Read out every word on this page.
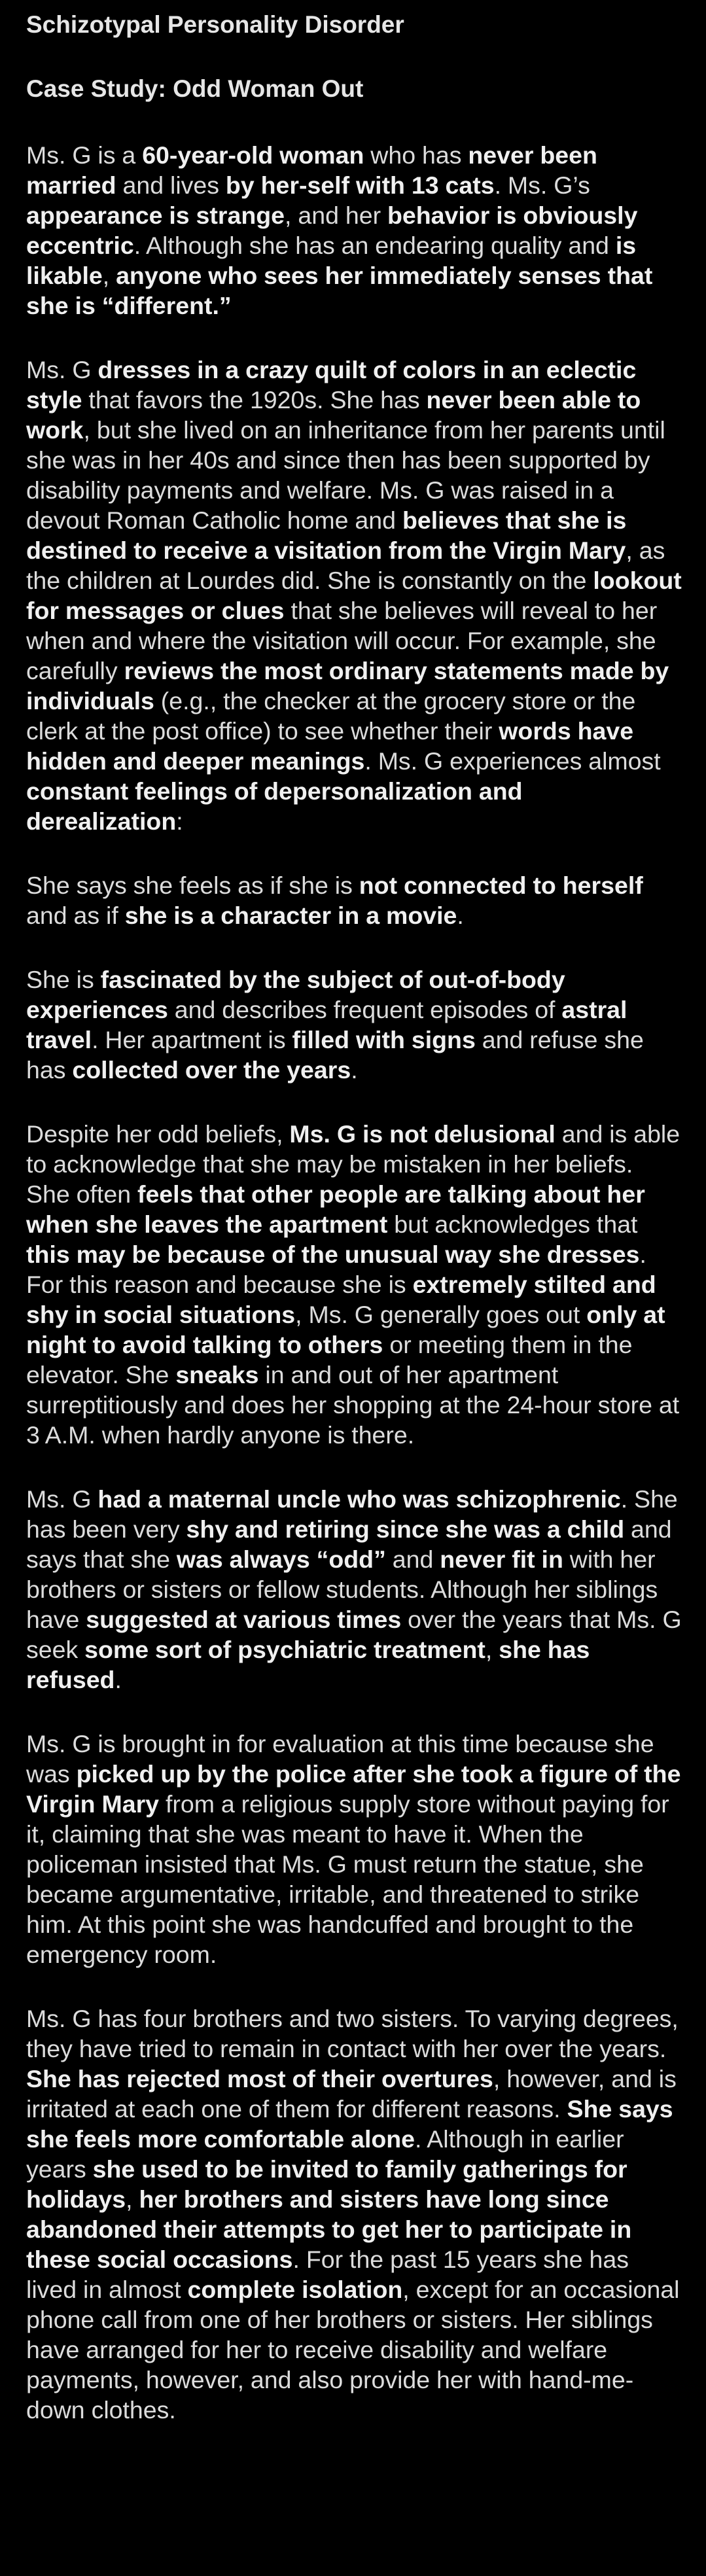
Schizotypal Personality Disorder
Case Study: Odd Woman Out

Ms. G is a 60-year-old woman who has never been married and lives by her-self with 13 cats. Ms. G’s appearance is strange, and her behavior is obviously eccentric. Although she has an endearing quality and is likable, anyone who sees her immediately senses that she is “different.”

Ms. G dresses in a crazy quilt of colors in an eclectic style that favors the 1920s. She has never been able to work, but she lived on an inheritance from her parents until she was in her 40s and since then has been supported by disability payments and welfare. Ms. G was raised in a devout Roman Catholic home and believes that she is destined to receive a visitation from the Virgin Mary, as the children at Lourdes did. She is constantly on the lookout for messages or clues that she believes will reveal to her when and where the visitation will occur. For example, she carefully reviews the most ordinary statements made by individuals (e.g., the checker at the grocery store or the clerk at the post office) to see whether their words have hidden and deeper meanings. Ms. G experiences almost constant feelings of depersonalization and derealization:

She says she feels as if she is not connected to herself and as if she is a character in a movie.

She is fascinated by the subject of out-of-body experiences and describes frequent episodes of astral travel. Her apartment is filled with signs and refuse she has collected over the years.

Despite her odd beliefs, Ms. G is not delusional and is able to acknowledge that she may be mistaken in her beliefs. She often feels that other people are talking about her when she leaves the apartment but acknowledges that this may be because of the unusual way she dresses. For this reason and because she is extremely stilted and shy in social situations, Ms. G generally goes out only at night to avoid talking to others or meeting them in the elevator. She sneaks in and out of her apartment surreptitiously and does her shopping at the 24-hour store at 3 A.M. when hardly anyone is there.

Ms. G had a maternal uncle who was schizophrenic. She has been very shy and retiring since she was a child and says that she was always “odd” and never fit in with her brothers or sisters or fellow students. Although her siblings have suggested at various times over the years that Ms. G seek some sort of psychiatric treatment, she has refused.

Ms. G is brought in for evaluation at this time because she was picked up by the police after she took a figure of the Virgin Mary from a religious supply store without paying for it, claiming that she was meant to have it. When the policeman insisted that Ms. G must return the statue, she became argumentative, irritable, and threatened to strike him. At this point she was handcuffed and brought to the emergency room.

Ms. G has four brothers and two sisters. To varying degrees, they have tried to remain in contact with her over the years. She has rejected most of their overtures, however, and is irritated at each one of them for different reasons. She says she feels more comfortable alone. Although in earlier years she used to be invited to family gatherings for holidays, her brothers and sisters have long since abandoned their attempts to get her to participate in these social occasions. For the past 15 years she has lived in almost complete isolation, except for an occasional phone call from one of her brothers or sisters. Her siblings have arranged for her to receive disability and welfare payments, however, and also provide her with hand-me-down clothes.
